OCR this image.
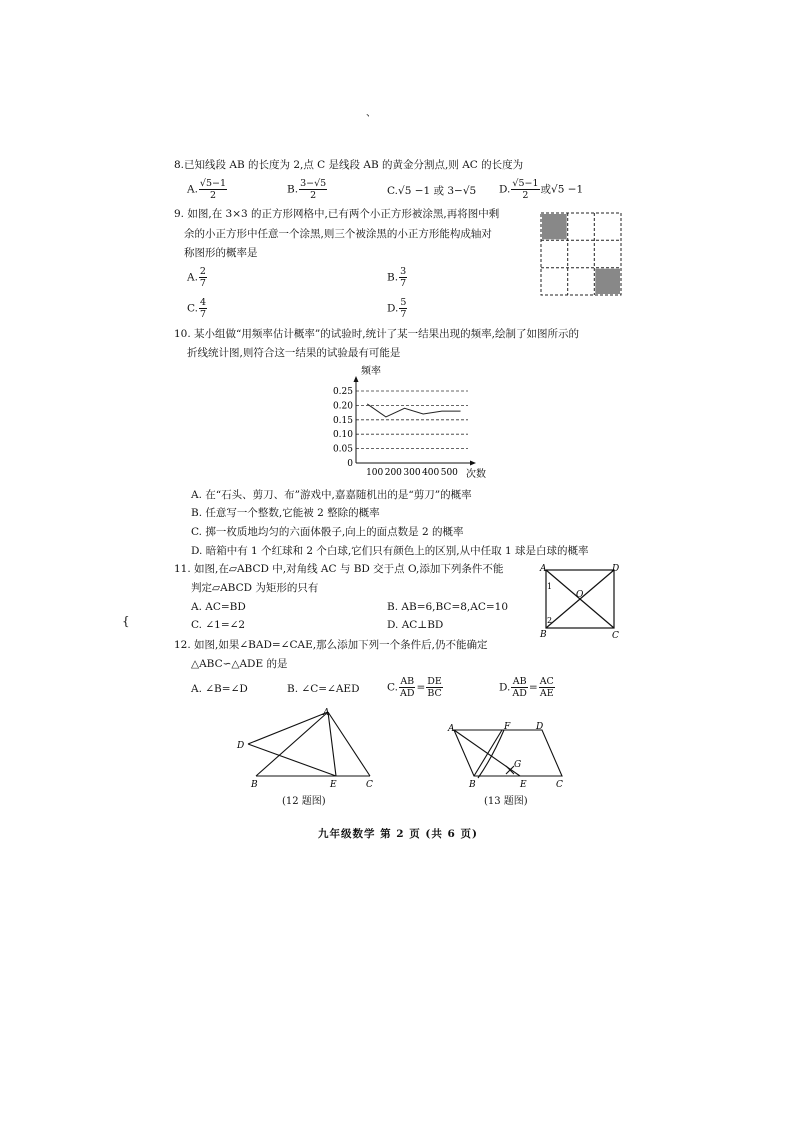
、
8.已知线段 AB 的长度为 2,点 C 是线段 AB 的黄金分割点,则 AC 的长度为
A. $\frac{√5-1}{2}$	B. $\frac{3-√5}{2}$	C.√5 −1 或 3−√5 D. $\frac{√5-1}{2}$ 或√5 −1
9. 如图,在 3×3 的正方形网格中,已有两个小正方形被涂黑,再将图中剩
余的小正方形中任意一个涂黑,则三个被涂黑的小正方形能构成轴对
称图形的概率是
A. $\frac{2}{7}$	B. $\frac{3}{7}$
C. $\frac{4}{7}$	D. $\frac{5}{7}$
10. 某小组做“用频率估计概率”的试验时,统计了某一结果出现的频率,绘制了如图所示的
折线统计图,则符合这一结果的试验最有可能是
0
0.05
0.10
0.15
0.20
0.25
100 200 300 400 500
频率
次数
A. 在“石头、剪刀、布”游戏中,嘉嘉随机出的是“剪刀”的概率
B. 任意写一个整数,它能被 2 整除的概率
C. 掷一枚质地均匀的六面体骰子,向上的面点数是 2 的概率
D. 暗箱中有 1 个红球和 2 个白球,它们只有颜色上的区别,从中任取 1 球是白球的概率
11. 如图,在▱ABCD 中,对角线 AC 与 BD 交于点 O,添加下列条件不能
判定▱ABCD 为矩形的只有
A. AC=BD	B. AB=6,BC=8,AC=10
C. ∠1=∠2	D. AC⊥BD
{
A	D
B	C
O
1
2
12. 如图,如果∠BAD=∠CAE,那么添加下列一个条件后,仍不能确定
△ABC∽△ADE 的是
A. ∠B=∠D	B. ∠C=∠AED	C. $\frac{AB}{AD} = \frac{DE}{BC}$	D. $\frac{AB}{AD} = \frac{AC}{AE}$
A
D
B	E	C
(12 题图)
A	F	D
G
B	E	C
(13 题图)
九年级数学 第 2 页 (共 6 页)
